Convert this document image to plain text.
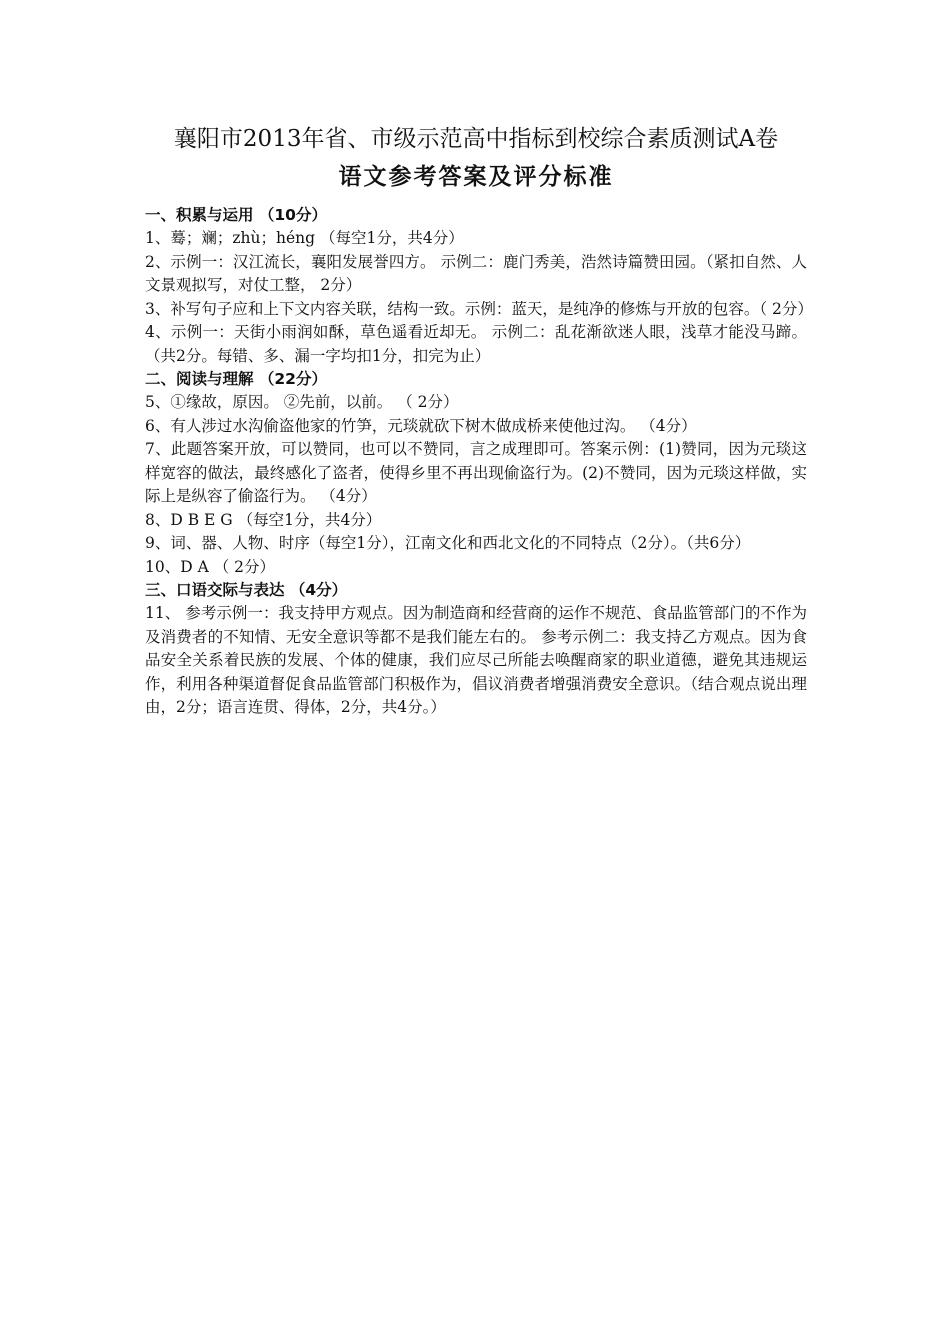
襄阳市2013年省、市级示范高中指标到校综合素质测试A卷
语文参考答案及评分标准

一、积累与运用 （10分）

1、蓦；斓；zhù；héng （每空1分，共4分）

2、示例一：汉江流长，襄阳发展誉四方。 示例二：鹿门秀美，浩然诗篇赞田园。（紧扣自然、人文景观拟写，对仗工整， 2分）

3、补写句子应和上下文内容关联，结构一致。示例：蓝天，是纯净的修炼与开放的包容。（ 2分）

4、示例一：天街小雨润如酥，草色遥看近却无。 示例二：乱花渐欲迷人眼，浅草才能没马蹄。（共2分。每错、多、漏一字均扣1分，扣完为止）

二、阅读与理解 （22分）

5、①缘故，原因。 ②先前，以前。 （ 2分）

6、有人涉过水沟偷盗他家的竹笋，元琰就砍下树木做成桥来使他过沟。 （4分）

7、此题答案开放，可以赞同，也可以不赞同，言之成理即可。答案示例：(1)赞同，因为元琰这样宽容的做法，最终感化了盗者，使得乡里不再出现偷盗行为。(2)不赞同，因为元琰这样做，实际上是纵容了偷盗行为。 （4分）

8、D B E G （每空1分，共4分）

9、词、器、人物、时序（每空1分），江南文化和西北文化的不同特点（2分）。（共6分）

10、D A （ 2分）

三、口语交际与表达 （4分）

11、 参考示例一：我支持甲方观点。因为制造商和经营商的运作不规范、食品监管部门的不作为及消费者的不知情、无安全意识等都不是我们能左右的。 参考示例二：我支持乙方观点。因为食品安全关系着民族的发展、个体的健康，我们应尽己所能去唤醒商家的职业道德，避免其违规运作，利用各种渠道督促食品监管部门积极作为，倡议消费者增强消费安全意识。（结合观点说出理由，2分；语言连贯、得体，2分，共4分。）
